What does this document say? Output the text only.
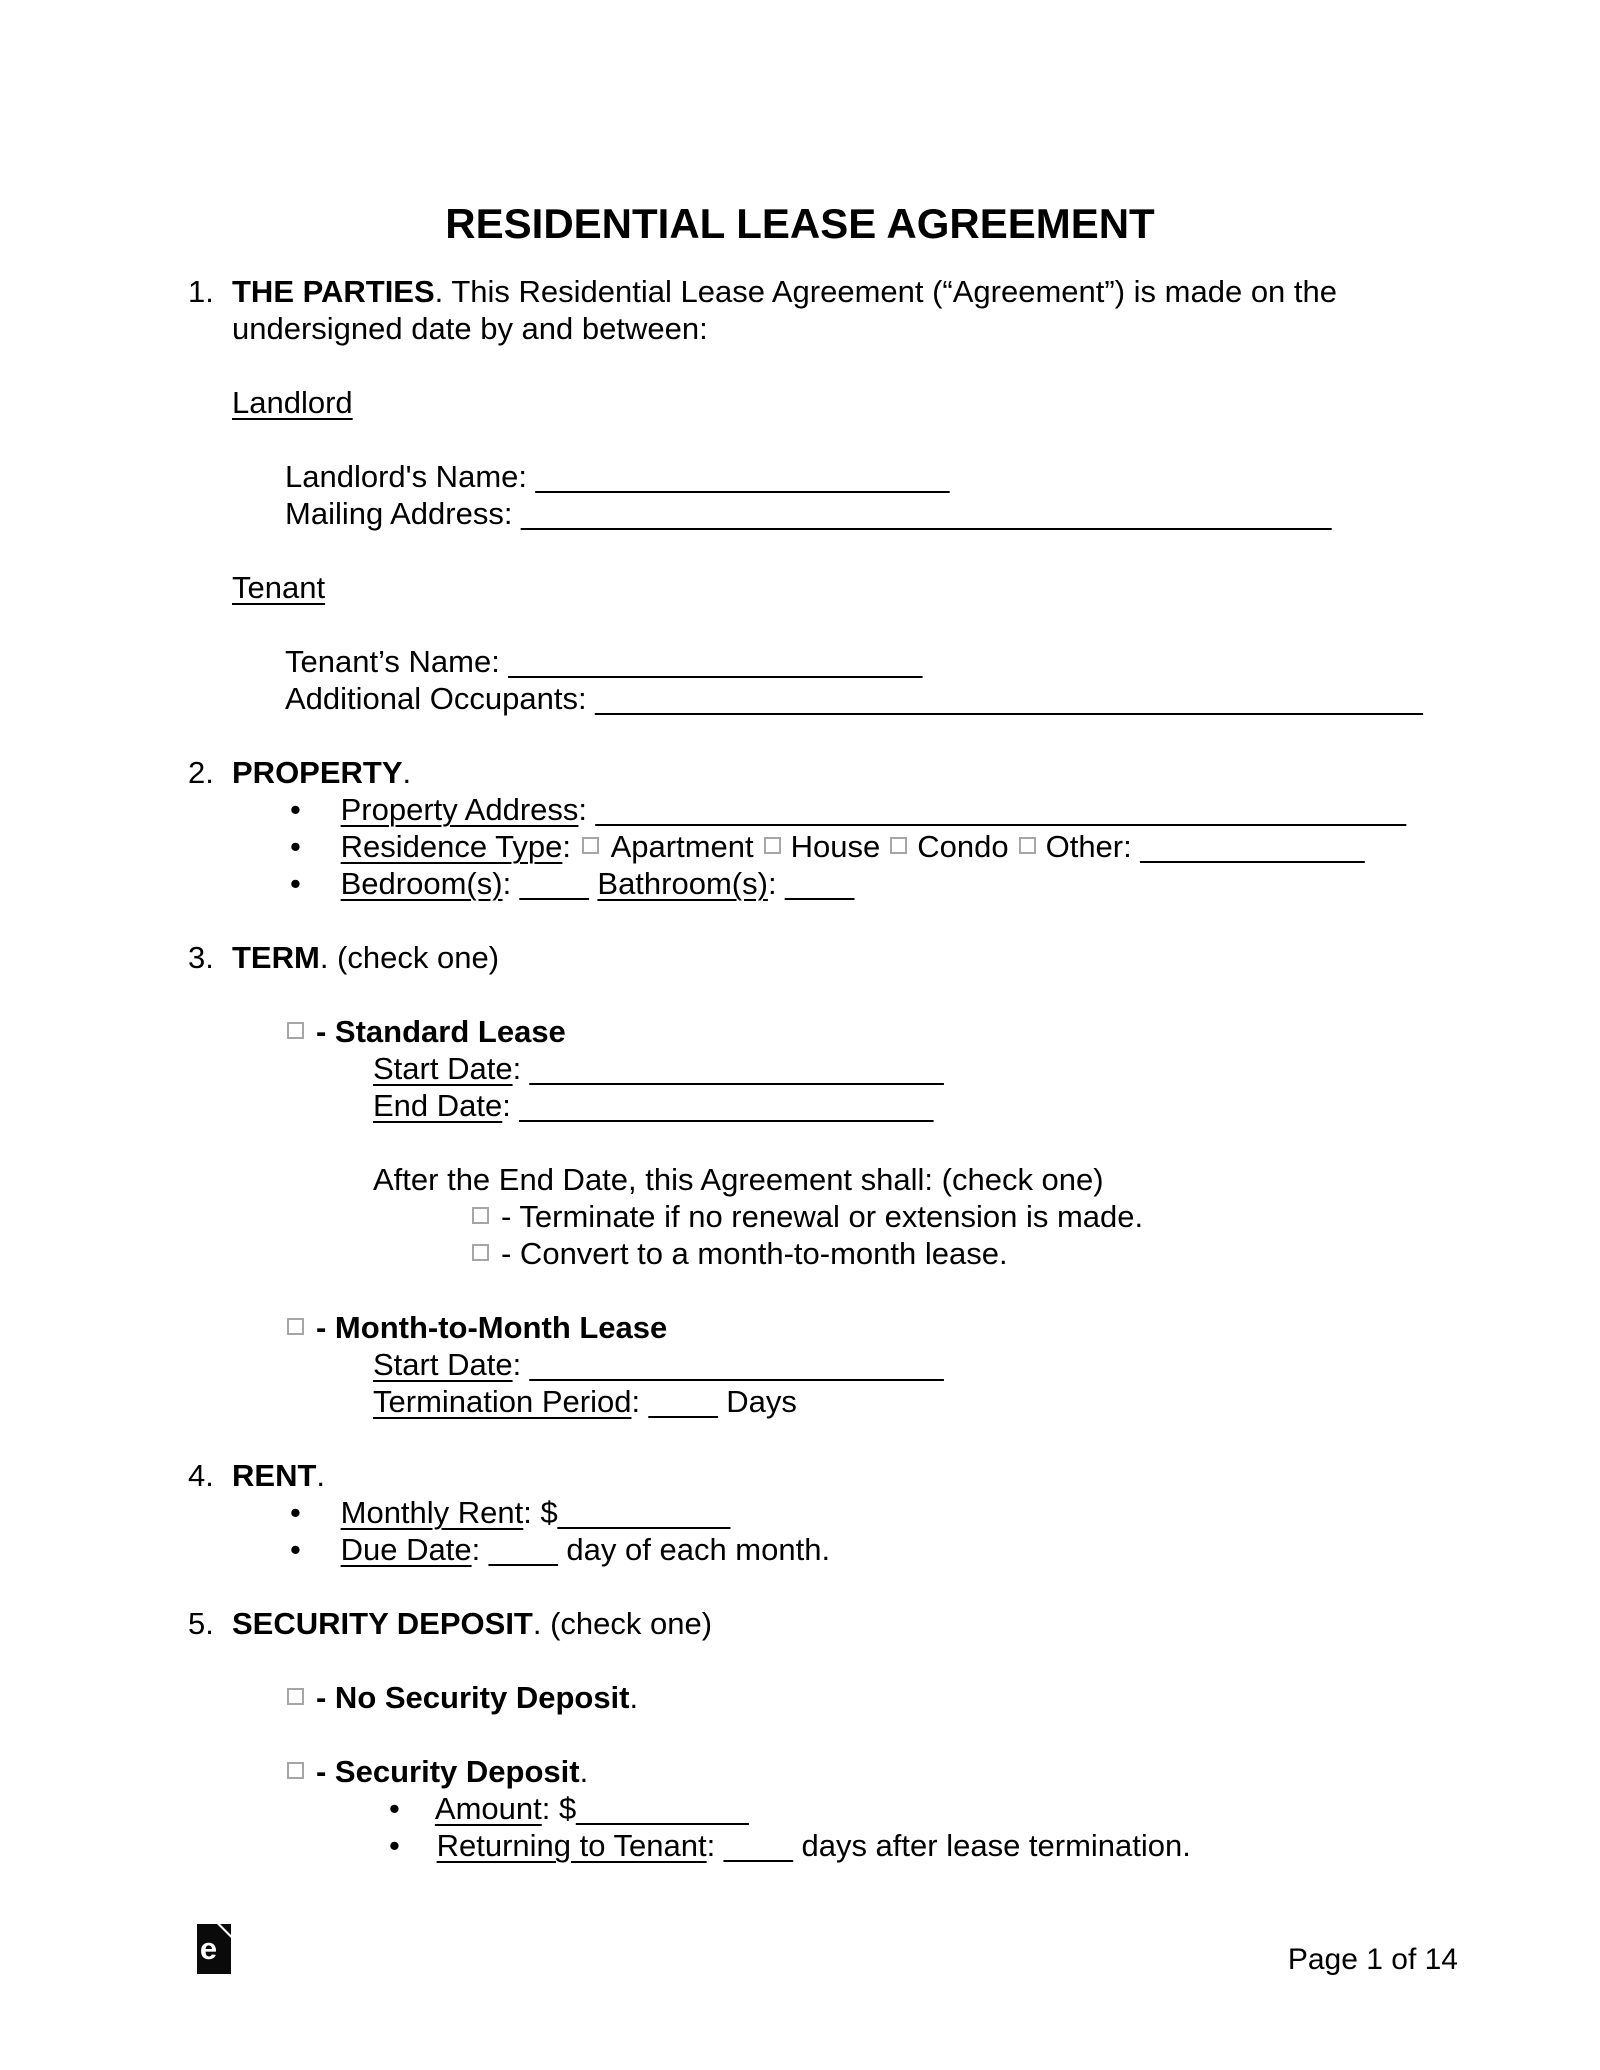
RESIDENTIAL LEASE AGREEMENT
1. THE PARTIES. This Residential Lease Agreement (“Agreement”) is made on the undersigned date by and between:
Landlord
Landlord's Name: ________________________
Mailing Address: _______________________________________________
Tenant
Tenant’s Name: ________________________
Additional Occupants: ________________________________________________
2. PROPERTY.
• Property Address: _______________________________________________
• Residence Type: Apartment House Condo Other: _____________
• Bedroom(s): ____ Bathroom(s): ____
3. TERM. (check one)
- Standard Lease
Start Date: ________________________
End Date: ________________________
After the End Date, this Agreement shall: (check one)
- Terminate if no renewal or extension is made.
- Convert to a month-to-month lease.
- Month-to-Month Lease
Start Date: ________________________
Termination Period: ____ Days
4. RENT.
• Monthly Rent: $__________
• Due Date: ____ day of each month.
5. SECURITY DEPOSIT. (check one)
- No Security Deposit.
- Security Deposit.
• Amount: $__________
• Returning to Tenant: ____ days after lease termination.
e	Page 1 of 14
